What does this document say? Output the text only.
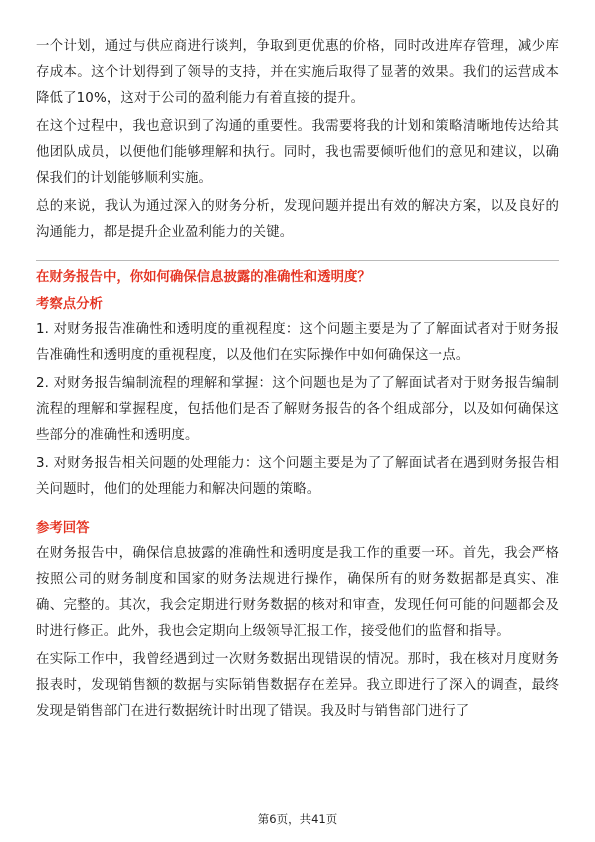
一个计划，通过与供应商进行谈判，争取到更优惠的价格，同时改进库存管理，减少库存成本。这个计划得到了领导的支持，并在实施后取得了显著的效果。我们的运营成本降低了10%，这对于公司的盈利能力有着直接的提升。

在这个过程中，我也意识到了沟通的重要性。我需要将我的计划和策略清晰地传达给其他团队成员，以便他们能够理解和执行。同时，我也需要倾听他们的意见和建议，以确保我们的计划能够顺利实施。

总的来说，我认为通过深入的财务分析，发现问题并提出有效的解决方案，以及良好的沟通能力，都是提升企业盈利能力的关键。

在财务报告中，你如何确保信息披露的准确性和透明度？
考察点分析

1. 对财务报告准确性和透明度的重视程度：这个问题主要是为了了解面试者对于财务报告准确性和透明度的重视程度，以及他们在实际操作中如何确保这一点。

2. 对财务报告编制流程的理解和掌握：这个问题也是为了了解面试者对于财务报告编制流程的理解和掌握程度，包括他们是否了解财务报告的各个组成部分，以及如何确保这些部分的准确性和透明度。

3. 对财务报告相关问题的处理能力：这个问题主要是为了了解面试者在遇到财务报告相关问题时，他们的处理能力和解决问题的策略。

参考回答

在财务报告中，确保信息披露的准确性和透明度是我工作的重要一环。首先，我会严格按照公司的财务制度和国家的财务法规进行操作，确保所有的财务数据都是真实、准确、完整的。其次，我会定期进行财务数据的核对和审查，发现任何可能的问题都会及时进行修正。此外，我也会定期向上级领导汇报工作，接受他们的监督和指导。

在实际工作中，我曾经遇到过一次财务数据出现错误的情况。那时，我在核对月度财务报表时，发现销售额的数据与实际销售数据存在差异。我立即进行了深入的调查，最终发现是销售部门在进行数据统计时出现了错误。我及时与销售部门进行了

第6页，共41页
